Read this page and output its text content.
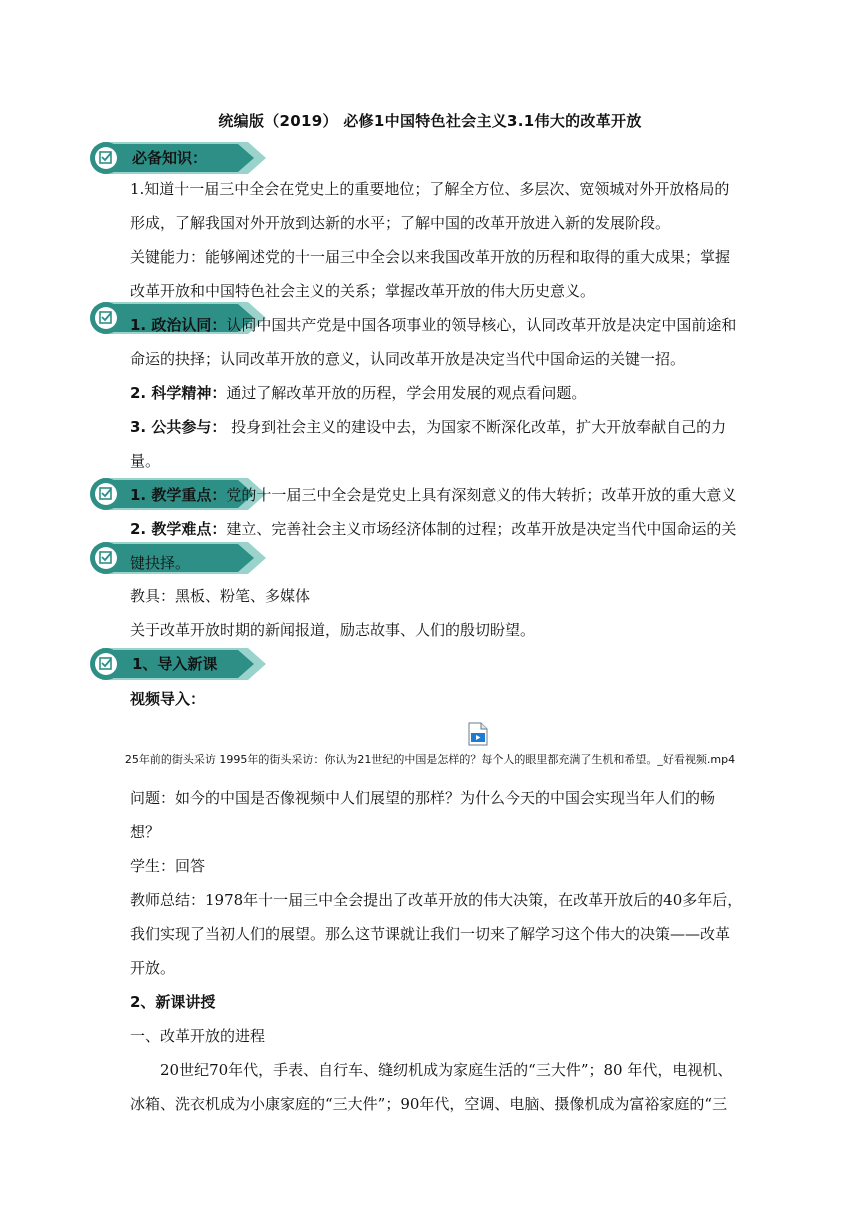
统编版（2019） 必修1中国特色社会主义3.1伟大的改革开放
必备知识：
1.知道十一届三中全会在党史上的重要地位；了解全方位、多层次、宽领城对外开放格局的
形成，了解我国对外开放到达新的水平；了解中国的改革开放进入新的发展阶段。
关键能力：能够阐述党的十一届三中全会以来我国改革开放的历程和取得的重大成果；掌握
改革开放和中国特色社会主义的关系；掌握改革开放的伟大历史意义。
1. 政治认同：认同中国共产党是中国各项事业的领导核心，认同改革开放是决定中国前途和
命运的抉择；认同改革开放的意义，认同改革开放是决定当代中国命运的关键一招。
2. 科学精神：通过了解改革开放的历程，学会用发展的观点看问题。
3. 公共参与： 投身到社会主义的建设中去，为国家不断深化改革，扩大开放奉献自己的力
量。
1. 教学重点：党的十一届三中全会是党史上具有深刻意义的伟大转折；改革开放的重大意义
2. 教学难点：建立、完善社会主义市场经济体制的过程；改革开放是决定当代中国命运的关
键抉择。
教具：黑板、粉笔、多媒体
关于改革开放时期的新闻报道，励志故事、人们的殷切盼望。
1、导入新课
视频导入：
25年前的街头采访 1995年的街头采访：你认为21世纪的中国是怎样的？每个人的眼里都充满了生机和希望。_好看视频.mp4
问题：如今的中国是否像视频中人们展望的那样？为什么今天的中国会实现当年人们的畅
想？
学生：回答
教师总结：1978年十一届三中全会提出了改革开放的伟大决策，在改革开放后的40多年后，
我们实现了当初人们的展望。那么这节课就让我们一切来了解学习这个伟大的决策——改革
开放。
2、新课讲授
一、改革开放的进程
20世纪70年代，手表、自行车、缝纫机成为家庭生活的“三大件”；80 年代，电视机、
冰箱、洗衣机成为小康家庭的“三大件”；90年代，空调、电脑、摄像机成为富裕家庭的“三
